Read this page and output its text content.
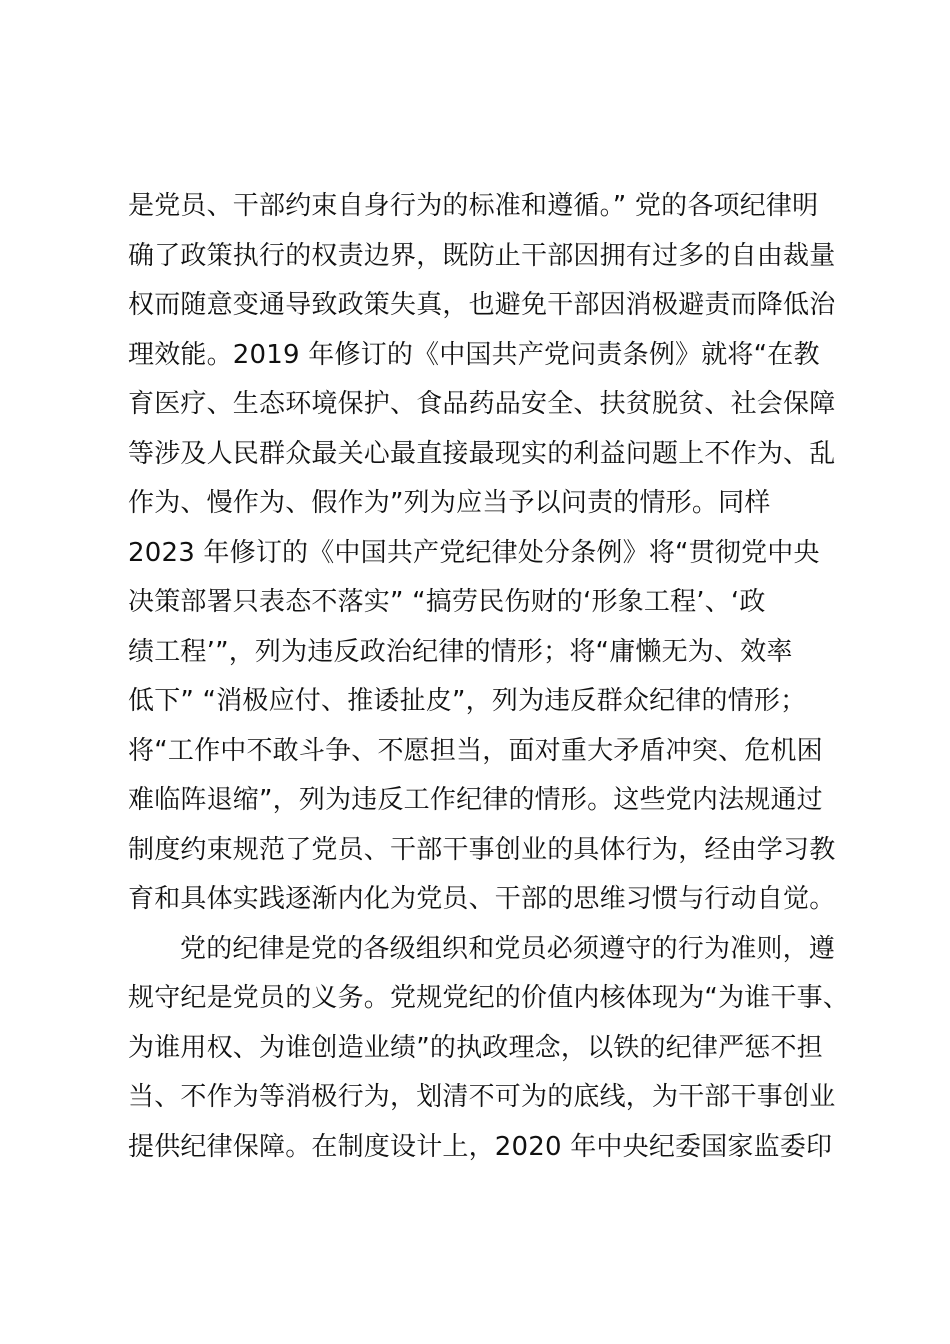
是党员、干部约束自身行为的标准和遵循。” 党的各项纪律明
确了政策执行的权责边界，既防止干部因拥有过多的自由裁量
权而随意变通导致政策失真，也避免干部因消极避责而降低治
理效能。2019 年修订的《中国共产党问责条例》就将“在教
育医疗、生态环境保护、食品药品安全、扶贫脱贫、社会保障
等涉及人民群众最关心最直接最现实的利益问题上不作为、乱
作为、慢作为、假作为”列为应当予以问责的情形。同样
2023 年修订的《中国共产党纪律处分条例》将“贯彻党中央
决策部署只表态不落实” “搞劳民伤财的‘形象工程’、‘政
绩工程’”，列为违反政治纪律的情形；将“庸懒无为、效率
低下” “消极应付、推诿扯皮”，列为违反群众纪律的情形；
将“工作中不敢斗争、不愿担当，面对重大矛盾冲突、危机困
难临阵退缩”，列为违反工作纪律的情形。这些党内法规通过
制度约束规范了党员、干部干事创业的具体行为，经由学习教
育和具体实践逐渐内化为党员、干部的思维习惯与行动自觉。
党的纪律是党的各级组织和党员必须遵守的行为准则，遵
规守纪是党员的义务。党规党纪的价值内核体现为“为谁干事、
为谁用权、为谁创造业绩”的执政理念，以铁的纪律严惩不担
当、不作为等消极行为，划清不可为的底线，为干部干事创业
提供纪律保障。在制度设计上，2020 年中央纪委国家监委印
